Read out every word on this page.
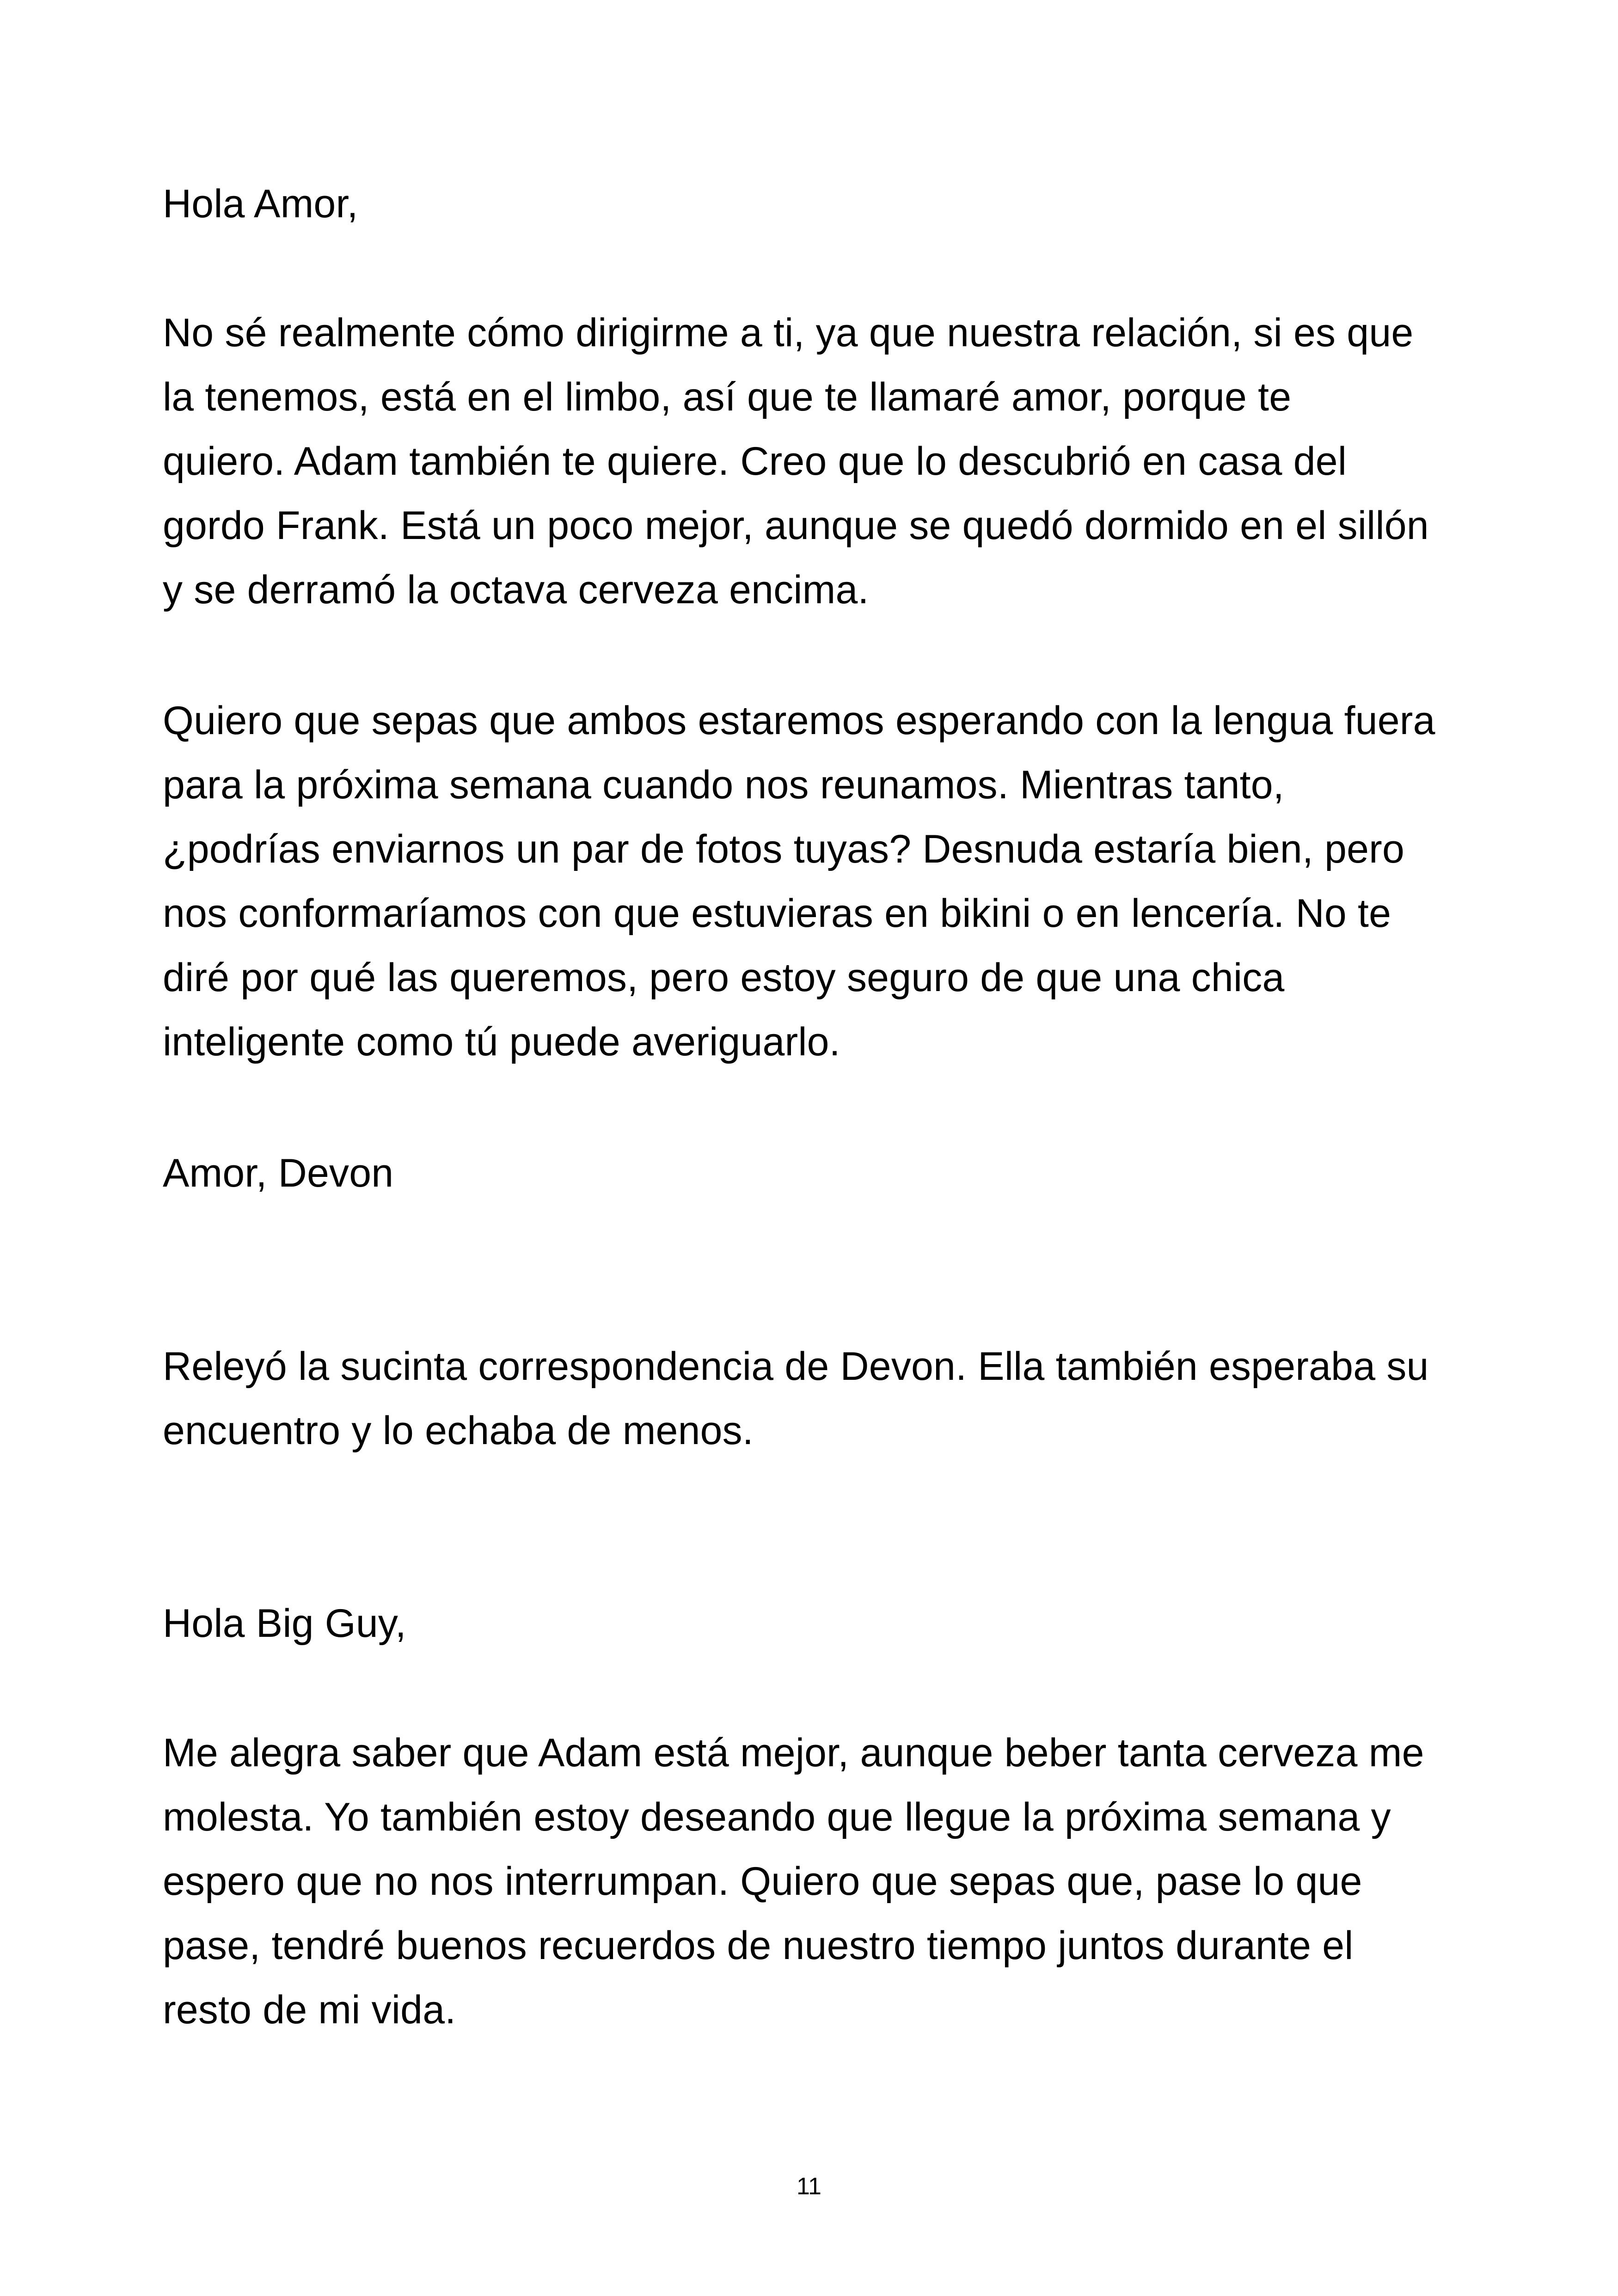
Hola Amor,

No sé realmente cómo dirigirme a ti, ya que nuestra relación, si es que
la tenemos, está en el limbo, así que te llamaré amor, porque te
quiero. Adam también te quiere. Creo que lo descubrió en casa del
gordo Frank. Está un poco mejor, aunque se quedó dormido en el sillón
y se derramó la octava cerveza encima.

Quiero que sepas que ambos estaremos esperando con la lengua fuera
para la próxima semana cuando nos reunamos. Mientras tanto,
¿podrías enviarnos un par de fotos tuyas? Desnuda estaría bien, pero
nos conformaríamos con que estuvieras en bikini o en lencería. No te
diré por qué las queremos, pero estoy seguro de que una chica
inteligente como tú puede averiguarlo.

Amor, Devon

Releyó la sucinta correspondencia de Devon. Ella también esperaba su
encuentro y lo echaba de menos.

Hola Big Guy,

Me alegra saber que Adam está mejor, aunque beber tanta cerveza me
molesta. Yo también estoy deseando que llegue la próxima semana y
espero que no nos interrumpan. Quiero que sepas que, pase lo que
pase, tendré buenos recuerdos de nuestro tiempo juntos durante el
resto de mi vida.

11
